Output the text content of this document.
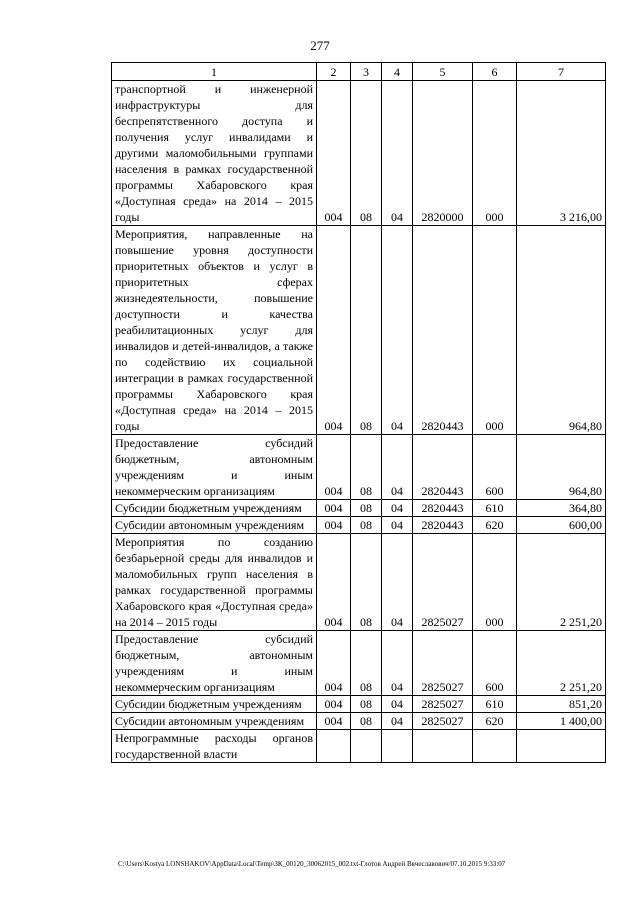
277
1	2	3	4	5	6	7
транспортной и инженерной инфраструктуры для беспрепятственного доступа и получения услуг инвалидами и другими маломобильными группами населения в рамках государственной программы Хабаровского края «Доступная среда» на 2014 – 2015 годы	004	08	04	2820000	000	3 216,00
Мероприятия, направленные на повышение уровня доступности приоритетных объектов и услуг в приоритетных сферах жизнедеятельности, повышение доступности и качества реабилитационных услуг для инвалидов и детей-инвалидов, а также по содействию их социальной интеграции в рамках государственной программы Хабаровского края «Доступная среда» на 2014 – 2015 годы	004	08	04	2820443	000	964,80
Предоставление субсидий бюджетным, автономным учреждениям и иным некоммерческим организациям	004	08	04	2820443	600	964,80
Субсидии бюджетным учреждениям	004	08	04	2820443	610	364,80
Субсидии автономным учреждениям	004	08	04	2820443	620	600,00
Мероприятия по созданию безбарьерной среды для инвалидов и маломобильных групп населения в рамках государственной программы Хабаровского края «Доступная среда» на 2014 – 2015 годы	004	08	04	2825027	000	2 251,20
Предоставление субсидий бюджетным, автономным учреждениям и иным некоммерческим организациям	004	08	04	2825027	600	2 251,20
Субсидии бюджетным учреждениям	004	08	04	2825027	610	851,20
Субсидии автономным учреждениям	004	08	04	2825027	620	1 400,00
Непрограммные расходы органов государственной власти						
C:\Users\Kostya LONSHAKOV\AppData\Local\Temp\ЗК_00120_30062015_002.txt-Глотов Андрей Вячеславович/07.10.2015 9:33:07
